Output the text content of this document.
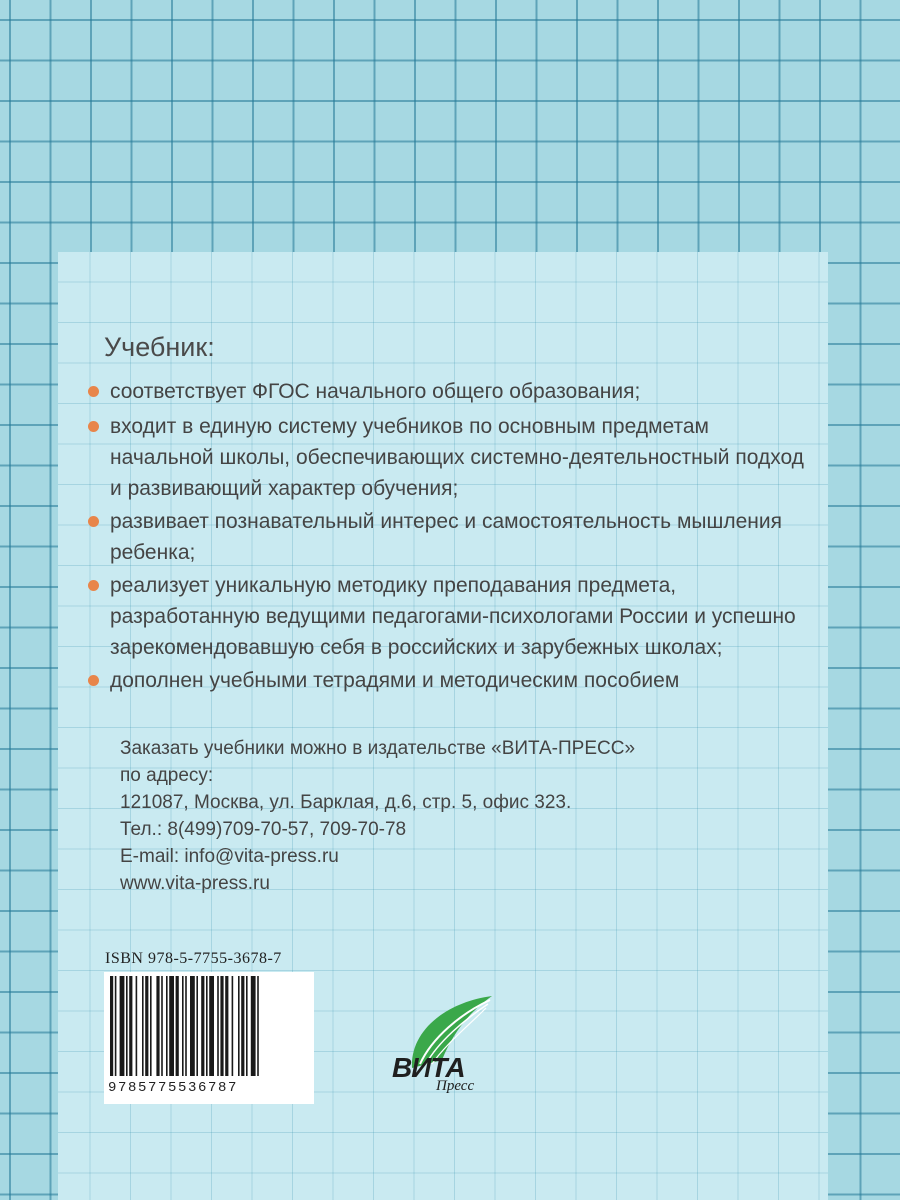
Учебник:
соответствует ФГОС начального общего образования;
входит в единую систему учебников по основным предметам начальной школы, обеспечивающих системно-деятельностный подход и развивающий характер обучения;
развивает познавательный интерес и самостоятельность мышления ребенка;
реализует уникальную методику преподавания предмета, разработанную ведущими педагогами-психологами России и успешно зарекомендовавшую себя в российских и зарубежных школах;
дополнен учебными тетрадями и методическим пособием
Заказать учебники можно в издательстве «ВИТА-ПРЕСС»
по адресу:
121087, Москва, ул. Барклая, д.6, стр. 5, офис 323.
Тел.: 8(499)709-70-57, 709-70-78
E-mail: info@vita-press.ru
www.vita-press.ru
ISBN 978-5-7755-3678-7
9785775536787
ВИТА
Пресс
